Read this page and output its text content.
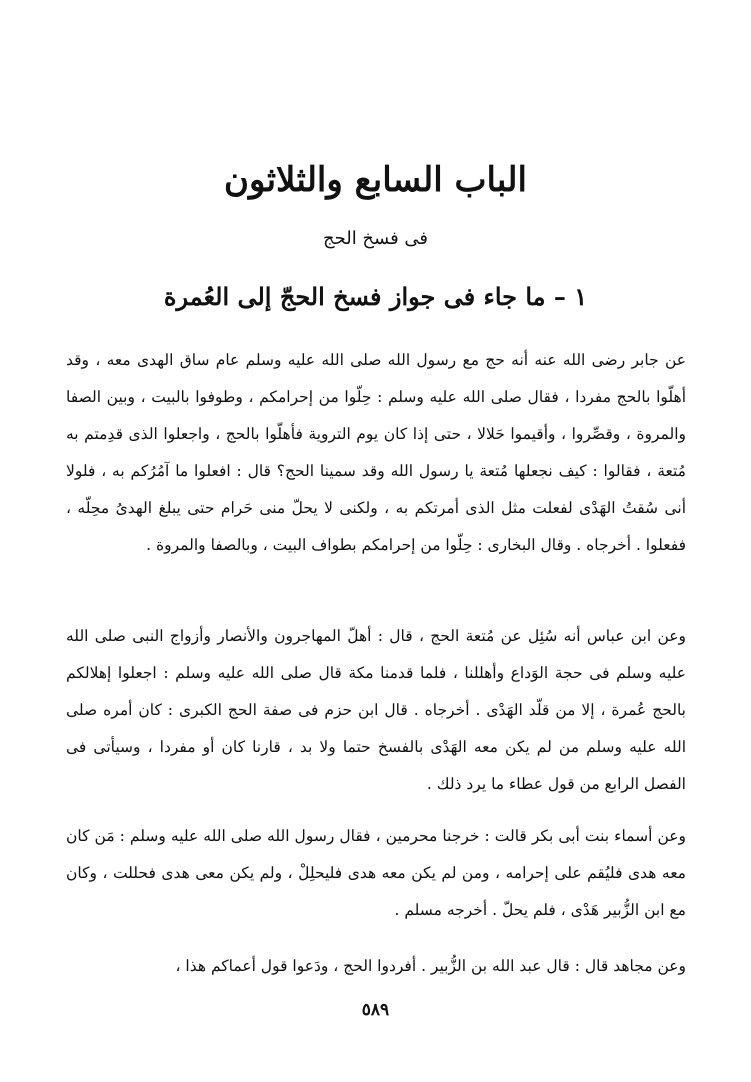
الباب السابع والثلاثون
فى فسخ الحج
١ – ما جاء فى جواز فسخ الحجّ إلى العُمرة

عن جابر رضى الله عنه أنه حج مع رسول الله صلى الله عليه وسلم عام ساق الهدى معه ، وقد أهلّوا بالحج مفردا ، فقال صلى الله عليه وسلم : حِلّوا من إحرامكم ، وطوفوا بالبيت ، وبين الصفا والمروة ، وقصِّروا ، وأقيموا حَلالا ، حتى إذا كان يوم التروية فأهلّوا بالحج ، واجعلوا الذى قدِمتم به مُتعة ، فقالوا : كيف نجعلها مُتعة يا رسول الله وقد سمينا الحج؟ قال : افعلوا ما آمُرُكم به ، فلولا أنى سُقتُ الهَدْى لفعلت مثل الذى أمرتكم به ، ولكنى لا يحلّ منى حَرام حتى يبلغ الهدىُ محِلّه ، ففعلوا . أخرجاه . وقال البخارى : حِلّوا من إحرامكم بطواف البيت ، وبالصفا والمروة .

وعن ابن عباس أنه سُئِل عن مُتعة الحج ، قال : أهلّ المهاجرون والأنصار وأزواج النبى صلى الله عليه وسلم فى حجة الوَداع وأهللنا ، فلما قدمنا مكة قال صلى الله عليه وسلم : اجعلوا إهلالكم بالحج عُمرة ، إلا من قلّد الهَدْى . أخرجاه . قال ابن حزم فى صفة الحج الكبرى : كان أمره صلى الله عليه وسلم من لم يكن معه الهَدْى بالفسخ حتما ولا بد ، قارنا كان أو مفردا ، وسيأتى فى الفصل الرابع من قول عطاء ما يرد ذلك .

وعن أسماء بنت أبى بكر قالت : خرجنا محرمين ، فقال رسول الله صلى الله عليه وسلم : مَن كان معه هدى فليُقم على إحرامه ، ومن لم يكن معه هدى فليحلِلْ ، ولم يكن معى هدى فحللت ، وكان مع ابن الزُّبير هَدْى ، فلم يحلّ . أخرجه مسلم .

وعن مجاهد قال : قال عبد الله بن الزُّبير . أفردوا الحج ، ودَعوا قول أعماكم هذا ،

٥٨٩
